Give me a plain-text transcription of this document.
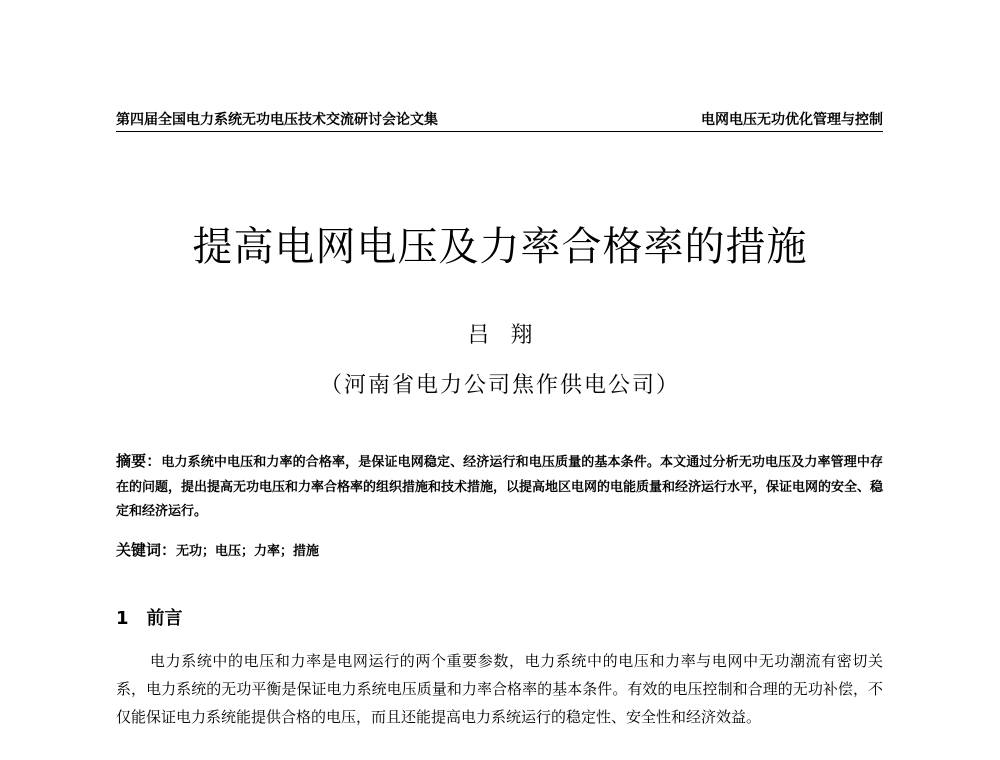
第四届全国电力系统无功电压技术交流研讨会论文集	电网电压无功优化管理与控制
提高电网电压及力率合格率的措施
吕 翔
（河南省电力公司焦作供电公司）
摘要：电力系统中电压和力率的合格率，是保证电网稳定、经济运行和电压质量的基本条件。本文通过分析无功电压及力率管理中存在的问题，提出提高无功电压和力率合格率的组织措施和技术措施，以提高地区电网的电能质量和经济运行水平，保证电网的安全、稳定和经济运行。
关键词：无功；电压；力率；措施
1 前言
电力系统中的电压和力率是电网运行的两个重要参数，电力系统中的电压和力率与电网中无功潮流有密切关系，电力系统的无功平衡是保证电力系统电压质量和力率合格率的基本条件。有效的电压控制和合理的无功补偿，不仅能保证电力系统能提供合格的电压，而且还能提高电力系统运行的稳定性、安全性和经济效益。
